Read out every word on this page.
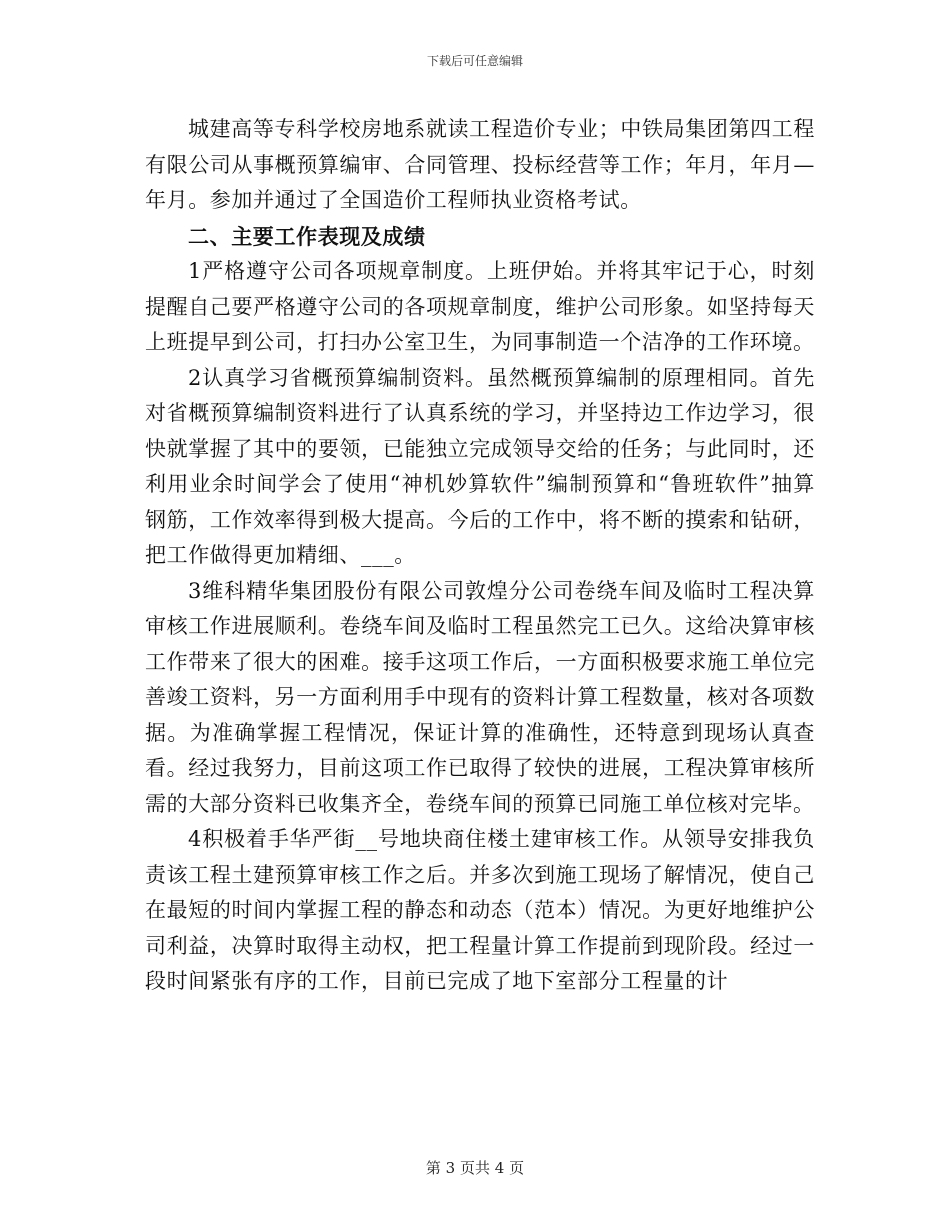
下载后可任意编辑

城建高等专科学校房地系就读工程造价专业；中铁局集团第四工程有限公司从事概预算编审、合同管理、投标经营等工作；年月，年月—年月。参加并通过了全国造价工程师执业资格考试。

二、主要工作表现及成绩

1严格遵守公司各项规章制度。上班伊始。并将其牢记于心，时刻提醒自己要严格遵守公司的各项规章制度，维护公司形象。如坚持每天上班提早到公司，打扫办公室卫生，为同事制造一个洁净的工作环境。

2认真学习省概预算编制资料。虽然概预算编制的原理相同。首先对省概预算编制资料进行了认真系统的学习，并坚持边工作边学习，很快就掌握了其中的要领，已能独立完成领导交给的任务；与此同时，还利用业余时间学会了使用“神机妙算软件”编制预算和“鲁班软件”抽算钢筋，工作效率得到极大提高。今后的工作中，将不断的摸索和钻研，把工作做得更加精细、___。

3维科精华集团股份有限公司敦煌分公司卷绕车间及临时工程决算审核工作进展顺利。卷绕车间及临时工程虽然完工已久。这给决算审核工作带来了很大的困难。接手这项工作后，一方面积极要求施工单位完善竣工资料，另一方面利用手中现有的资料计算工程数量，核对各项数据。为准确掌握工程情况，保证计算的准确性，还特意到现场认真查看。经过我努力，目前这项工作已取得了较快的进展，工程决算审核所需的大部分资料已收集齐全，卷绕车间的预算已同施工单位核对完毕。

4积极着手华严街__号地块商住楼土建审核工作。从领导安排我负责该工程土建预算审核工作之后。并多次到施工现场了解情况，使自己在最短的时间内掌握工程的静态和动态（范本）情况。为更好地维护公司利益，决算时取得主动权，把工程量计算工作提前到现阶段。经过一段时间紧张有序的工作，目前已完成了地下室部分工程量的计

第 3 页共 4 页
